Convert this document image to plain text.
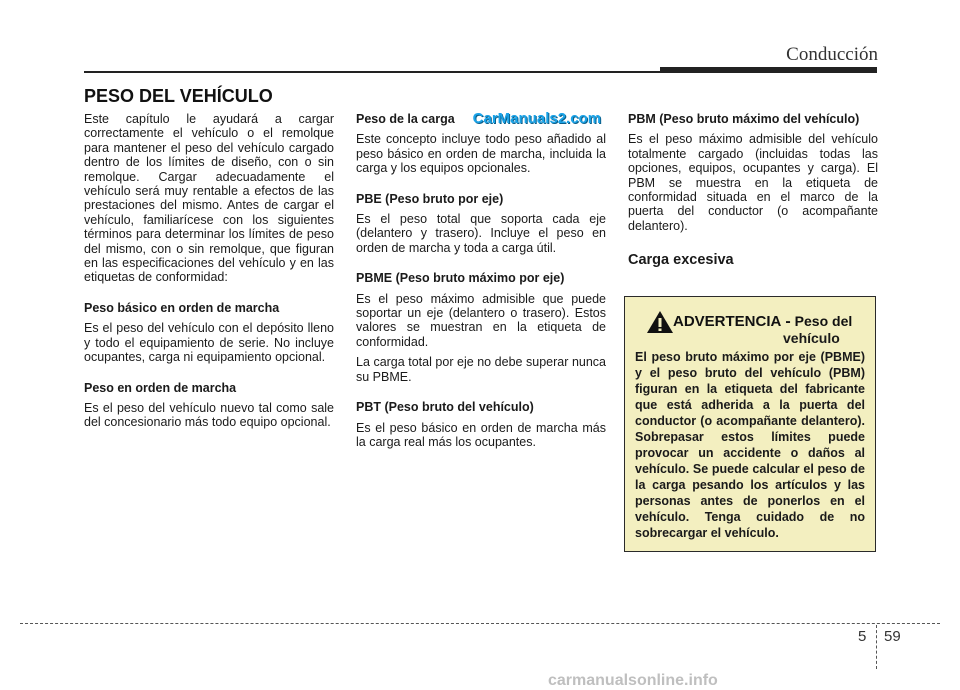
Conducción
PESO DEL VEHÍCULO

Este capítulo le ayudará a cargar correctamente el vehículo o el remolque para mantener el peso del vehículo cargado dentro de los límites de diseño, con o sin remolque. Cargar adecuadamente el vehículo será muy rentable a efectos de las prestaciones del mismo. Antes de cargar el vehículo, familiarícese con los siguientes términos para determinar los límites de peso del mismo, con o sin remolque, que figuran en las especificaciones del vehículo y en las etiquetas de conformidad:

Peso básico en orden de marcha

Es el peso del vehículo con el depósito lleno y todo el equipamiento de serie. No incluye ocupantes, carga ni equipamiento opcional.

Peso en orden de marcha

Es el peso del vehículo nuevo tal como sale del concesionario más todo equipo opcional.

Peso de la carga CarManuals2.com

Este concepto incluye todo peso añadido al peso básico en orden de marcha, incluida la carga y los equipos opcionales.

PBE (Peso bruto por eje)

Es el peso total que soporta cada eje (delantero y trasero). Incluye el peso en orden de marcha y toda a carga útil.

PBME (Peso bruto máximo por eje)

Es el peso máximo admisible que puede soportar un eje (delantero o trasero). Estos valores se muestran en la etiqueta de conformidad.

La carga total por eje no debe superar nunca su PBME.

PBT (Peso bruto del vehículo)

Es el peso básico en orden de marcha más la carga real más los ocupantes.

PBM (Peso bruto máximo del vehículo)

Es el peso máximo admisible del vehículo totalmente cargado (incluidas todas las opciones, equipos, ocupantes y carga). El PBM se muestra en la etiqueta de conformidad situada en el marco de la puerta del conductor (o acompañante delantero).

Carga excesiva
ADVERTENCIA - Peso del
vehículo

El peso bruto máximo por eje (PBME) y el peso bruto del vehículo (PBM) figuran en la etiqueta del fabricante que está adherida a la puerta del conductor (o acompañante delantero). Sobrepasar estos límites puede provocar un accidente o daños al vehículo. Se puede calcular el peso de la carga pesando los artículos y las personas antes de ponerlos en el vehículo. Tenga cuidado de no sobrecargar el vehículo.

5 59
carmanualsonline.info
